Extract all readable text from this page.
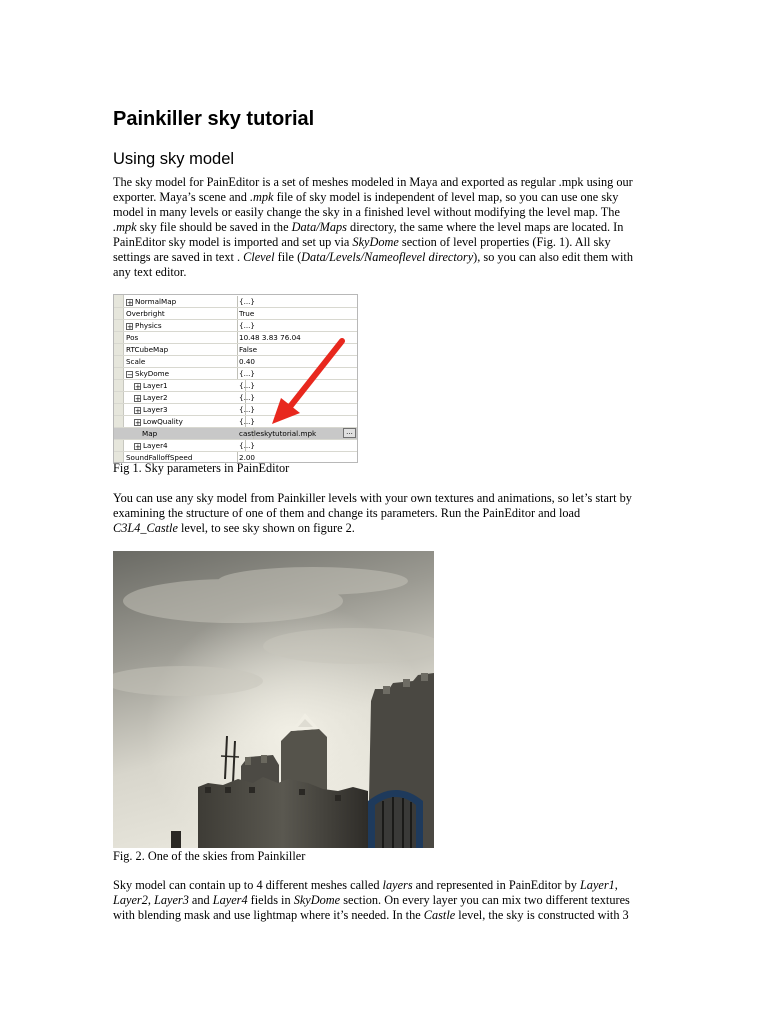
Painkiller sky tutorial
Using sky model

The sky model for PainEditor is a set of meshes modeled in Maya and exported as regular .mpk using our exporter. Maya’s scene and .mpk file of sky model is independent of level map, so you can use one sky model in many levels or easily change the sky in a finished level without modifying the level map. The .mpk sky file should be saved in the Data/Maps directory, the same where the level maps are located. In PainEditor sky model is imported and set up via SkyDome section of level properties (Fig. 1). All sky settings are saved in text . Clevel file (Data/Levels/Nameoflevel directory), so you can also edit them with any text editor.

+ NormalMap	{...}
Overbright	True
+ Physics	{...}
Pos	10.48 3.83 76.04
RTCubeMap	False
Scale	0.40
− SkyDome	{...}
+ Layer1	{...}
+ Layer2	{...}
+ Layer3	{...}
+ LowQuality	{...}
Map	castleskytutorial.mpk	...
+ Layer4	{...}
SoundFalloffSpeed	2.00

Fig 1. Sky parameters in PainEditor

You can use any sky model from Painkiller levels with your own textures and animations, so let’s start by examining the structure of one of them and change its parameters. Run the PainEditor and load C3L4_Castle level, to see sky shown on figure 2.

Fig. 2. One of the skies from Painkiller

Sky model can contain up to 4 different meshes called layers and represented in PainEditor by Layer1, Layer2, Layer3 and Layer4 fields in SkyDome section. On every layer you can mix two different textures with blending mask and use lightmap where it’s needed. In the Castle level, the sky is constructed with 3
